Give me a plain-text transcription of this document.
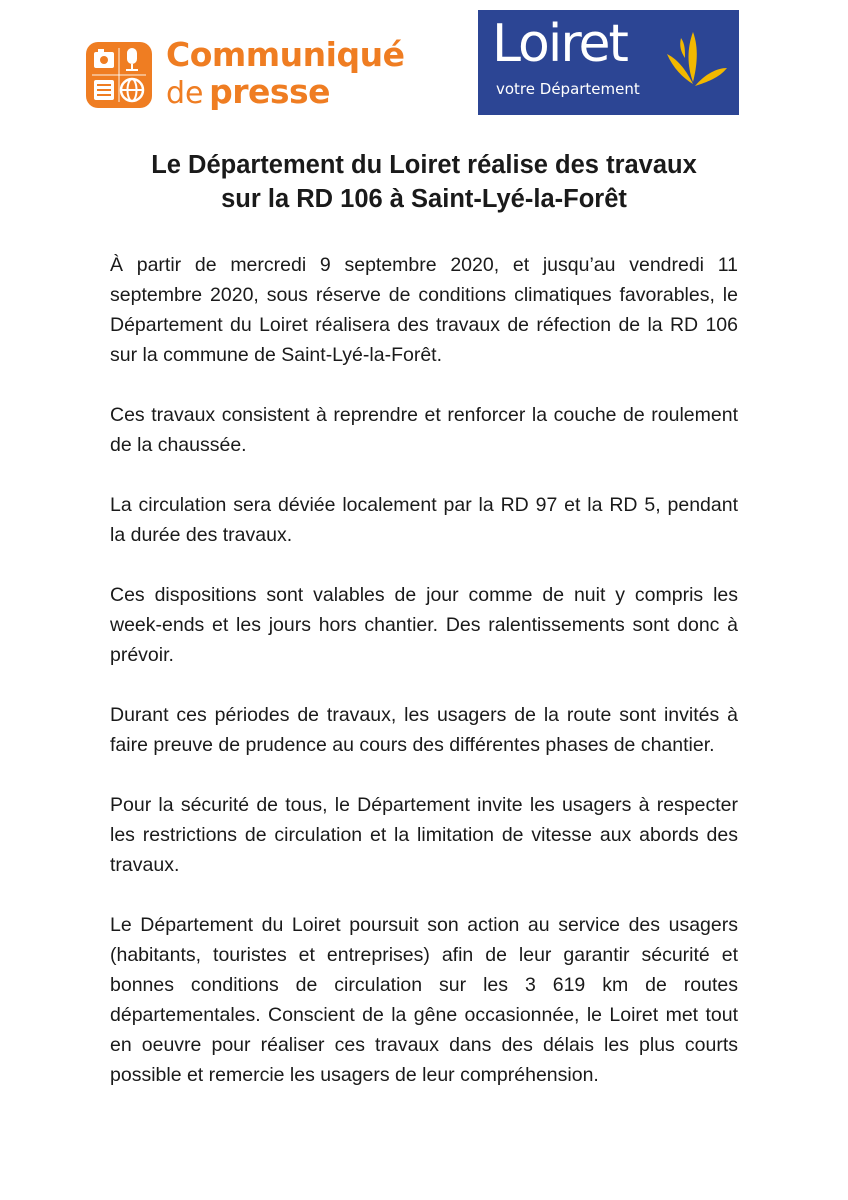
Communiqué
de presse
Loiret
votre Département
Le Département du Loiret réalise des travaux
sur la RD 106 à Saint-Lyé-la-Forêt

À partir de mercredi 9 septembre 2020, et jusqu’au vendredi 11 septembre 2020, sous réserve de conditions climatiques favorables, le Département du Loiret réalisera des travaux de réfection de la RD 106 sur la commune de Saint-Lyé-la-Forêt.

Ces travaux consistent à reprendre et renforcer la couche de roulement de la chaussée.

La circulation sera déviée localement par la RD 97 et la RD 5, pendant la durée des travaux.

Ces dispositions sont valables de jour comme de nuit y compris les week-ends et les jours hors chantier. Des ralentissements sont donc à prévoir.

Durant ces périodes de travaux, les usagers de la route sont invités à faire preuve de prudence au cours des différentes phases de chantier.

Pour la sécurité de tous, le Département invite les usagers à respecter les restrictions de circulation et la limitation de vitesse aux abords des travaux.

Le Département du Loiret poursuit son action au service des usagers (habitants, touristes et entreprises) afin de leur garantir sécurité et bonnes conditions de circulation sur les 3 619 km de routes départementales. Conscient de la gêne occasionnée, le Loiret met tout en oeuvre pour réaliser ces travaux dans des délais les plus courts possible et remercie les usagers de leur compréhension.
